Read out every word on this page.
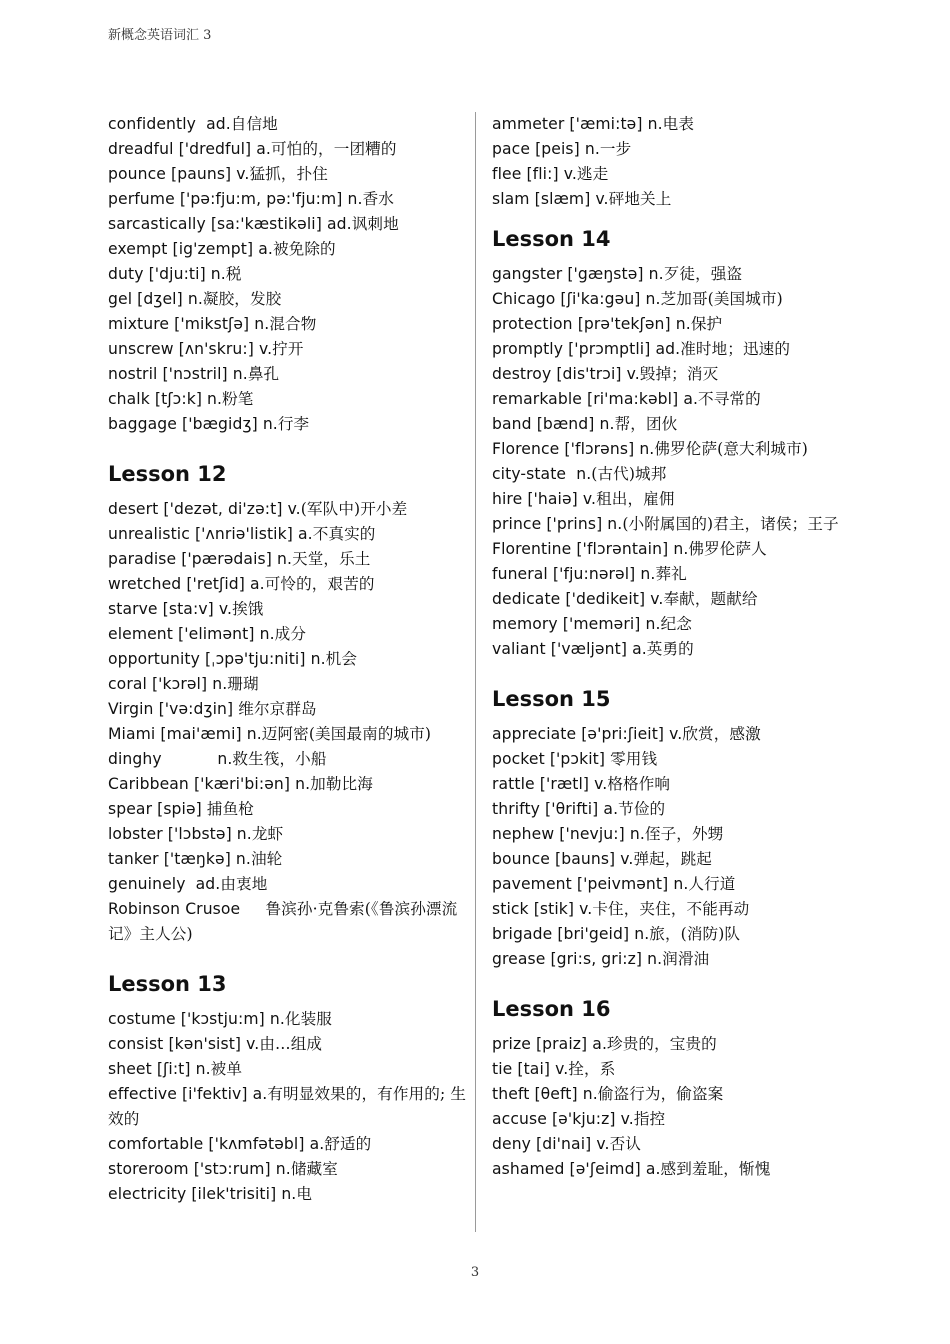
新概念英语词汇 3
confidently  ad.自信地
dreadful ['dredful] a.可怕的，一团糟的
pounce [pauns] v.猛抓，扑住
perfume ['pə:fju:m, pə:'fju:m] n.香水
sarcastically [sa:'kæstikəli] ad.讽刺地
exempt [ig'zempt] a.被免除的
duty ['dju:ti] n.税
gel [dʒel] n.凝胶，发胶
mixture ['mikstʃə] n.混合物
unscrew [ʌn'skru:] v.拧开
nostril ['nɔstril] n.鼻孔
chalk [tʃɔ:k] n.粉笔
baggage ['bægidʒ] n.行李
Lesson 12
desert ['dezət, di'zə:t] v.(军队中)开小差
unrealistic ['ʌnriə'listik] a.不真实的
paradise ['pærədais] n.天堂，乐土
wretched ['retʃid] a.可怜的，艰苦的
starve [sta:v] v.挨饿
element ['elimənt] n.成分
opportunity [ˌɔpə'tju:niti] n.机会
coral ['kɔrəl] n.珊瑚
Virgin ['və:dʒin] 维尔京群岛
Miami [mai'æmi] n.迈阿密(美国最南的城市)
dinghy           n.救生筏，小船
Caribbean ['kæri'bi:ən] n.加勒比海
spear [spiə] 捕鱼枪
lobster ['lɔbstə] n.龙虾
tanker ['tæŋkə] n.油轮
genuinely  ad.由衷地
Robinson Crusoe     鲁滨孙·克鲁索(《鲁滨孙漂流记》主人公)
Lesson 13
costume ['kɔstju:m] n.化装服
consist [kən'sist] v.由…组成
sheet [ʃi:t] n.被单
effective [i'fektiv] a.有明显效果的，有作用的; 生效的
comfortable ['kʌmfətəbl] a.舒适的
storeroom ['stɔ:rum] n.储藏室
electricity [ilek'trisiti] n.电
ammeter ['æmi:tə] n.电表
pace [peis] n.一步
flee [fli:] v.逃走
slam [slæm] v.砰地关上
Lesson 14
gangster ['gæŋstə] n.歹徒，强盗
Chicago [ʃi'ka:gəu] n.芝加哥(美国城市)
protection [prə'tekʃən] n.保护
promptly ['prɔmptli] ad.准时地；迅速的
destroy [dis'trɔi] v.毁掉；消灭
remarkable [ri'ma:kəbl] a.不寻常的
band [bænd] n.帮，团伙
Florence ['flɔrəns] n.佛罗伦萨(意大利城市)
city-state  n.(古代)城邦
hire ['haiə] v.租出，雇佣
prince ['prins] n.(小附属国的)君主，诸侯；王子
Florentine ['flɔrəntain] n.佛罗伦萨人
funeral ['fju:nərəl] n.葬礼
dedicate ['dedikeit] v.奉献，题献给
memory ['meməri] n.纪念
valiant ['væljənt] a.英勇的
Lesson 15
appreciate [ə'pri:ʃieit] v.欣赏，感激
pocket ['pɔkit] 零用钱
rattle ['rætl] v.格格作响
thrifty ['θrifti] a.节俭的
nephew ['nevju:] n.侄子，外甥
bounce [bauns] v.弹起，跳起
pavement ['peivmənt] n.人行道
stick [stik] v.卡住，夹住，不能再动
brigade [bri'geid] n.旅，(消防)队
grease [gri:s, gri:z] n.润滑油
Lesson 16
prize [praiz] a.珍贵的，宝贵的
tie [tai] v.拴，系
theft [θeft] n.偷盗行为，偷盗案
accuse [ə'kju:z] v.指控
deny [di'nai] v.否认
ashamed [ə'ʃeimd] a.感到羞耻，惭愧
3
